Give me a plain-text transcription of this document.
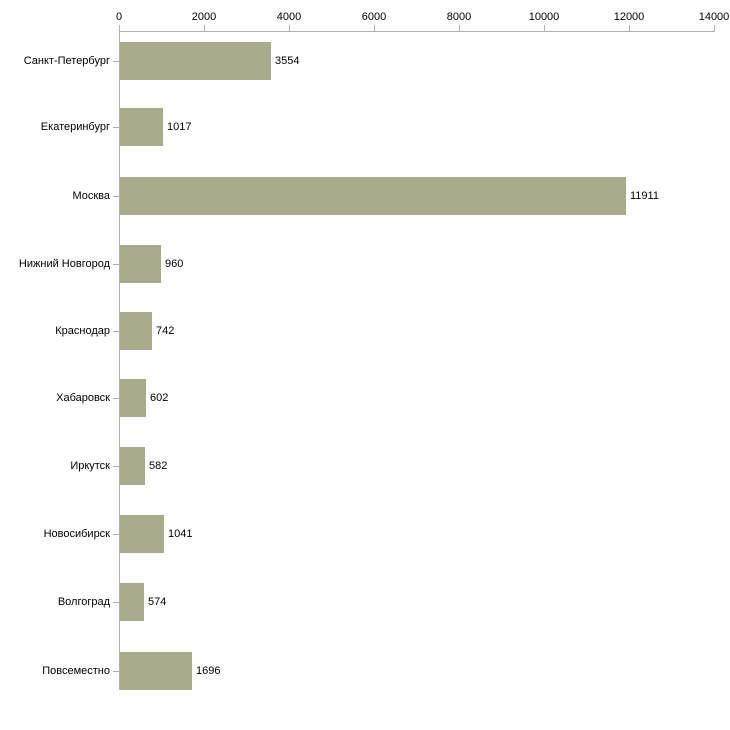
0	2000	4000	6000	8000	10000	12000	14000
Санкт-Петербург	3554
Екатеринбург	1017
Москва	11911
Нижний Новгород	960
Краснодар	742
Хабаровск	602
Иркутск	582
Новосибирск	1041
Волгоград	574
Повсеместно	1696
